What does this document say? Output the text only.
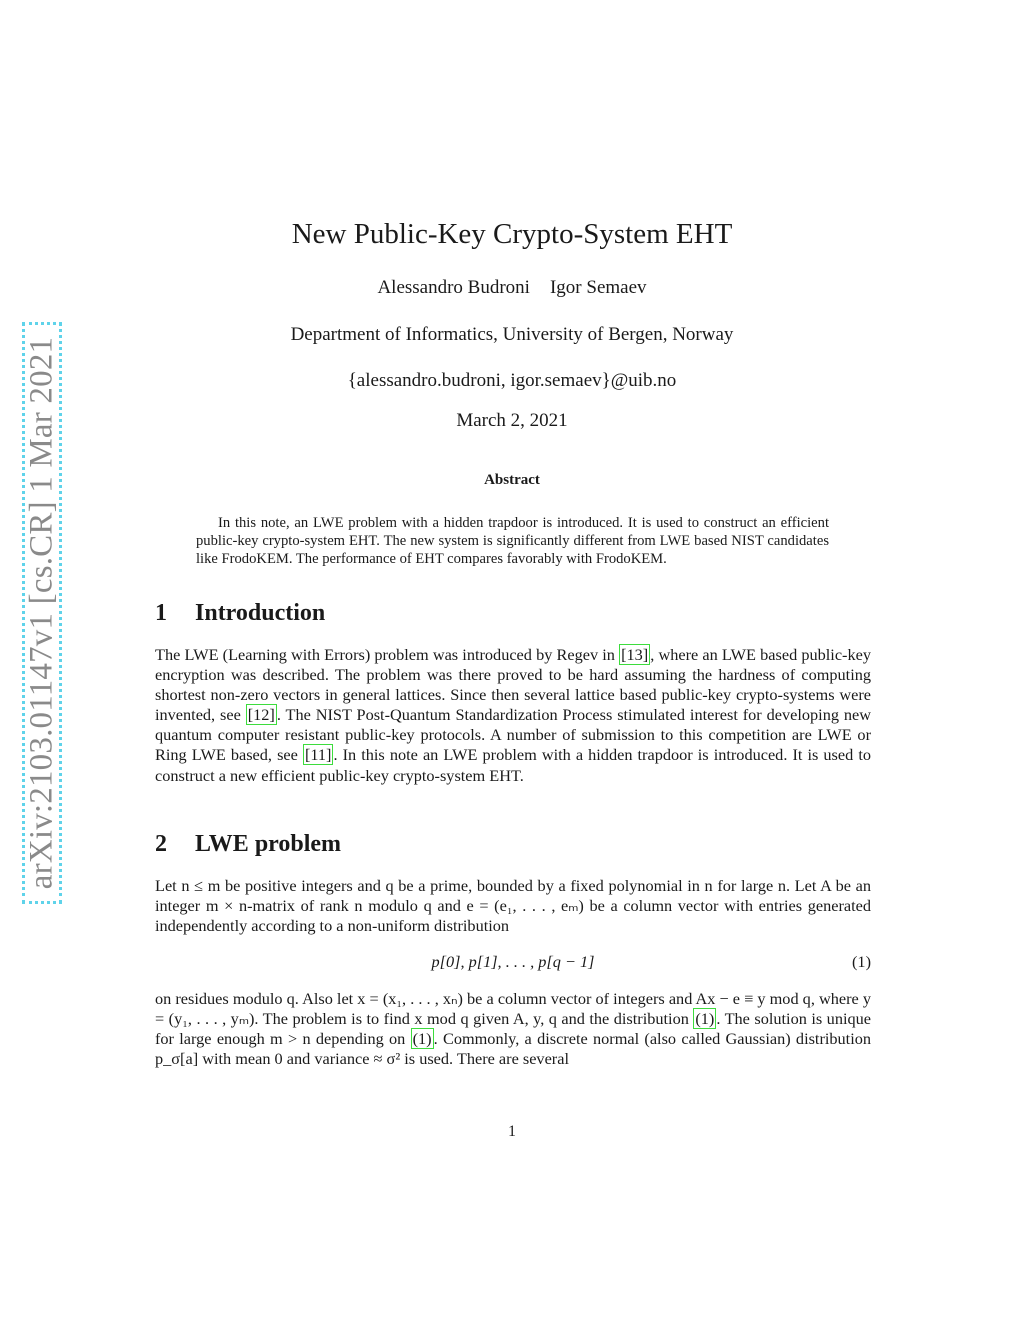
arXiv:2103.01147v1 [cs.CR] 1 Mar 2021
New Public-Key Crypto-System EHT
Alessandro Budroni Igor Semaev
Department of Informatics, University of Bergen, Norway
{alessandro.budroni, igor.semaev}@uib.no
March 2, 2021
Abstract

In this note, an LWE problem with a hidden trapdoor is introduced. It is used to construct an efficient public-key crypto-system EHT. The new system is significantly different from LWE based NIST candidates like FrodoKEM. The performance of EHT compares favorably with FrodoKEM.

1 Introduction

The LWE (Learning with Errors) problem was introduced by Regev in [13] , where an LWE based public-key encryption was described. The problem was there proved to be hard assuming the hardness of computing shortest non-zero vectors in general lattices. Since then several lattice based public-key crypto-systems were invented, see [12] . The NIST Post-Quantum Standardization Process stimulated interest for developing new quantum computer resistant public-key protocols. A number of submission to this competition are LWE or Ring LWE based, see [11] . In this note an LWE problem with a hidden trapdoor is introduced. It is used to construct a new efficient public-key crypto-system EHT.

2 LWE problem

Let n ≤ m be positive integers and q be a prime, bounded by a fixed polynomial in n for large n. Let A be an integer m × n-matrix of rank n modulo q and e = (e₁, . . . , eₘ) be a column vector with entries generated independently according to a non-uniform distribution

p[0], p[1], . . . , p[q − 1]	(1)

on residues modulo q. Also let x = (x₁, . . . , xₙ) be a column vector of integers and Ax − e ≡ y mod q, where y = (y₁, . . . , yₘ). The problem is to find x mod q given A, y, q and the distribution (1) . The solution is unique for large enough m > n depending on (1) . Commonly, a discrete normal (also called Gaussian) distribution p_σ[a] with mean 0 and variance ≈ σ² is used. There are several

1
